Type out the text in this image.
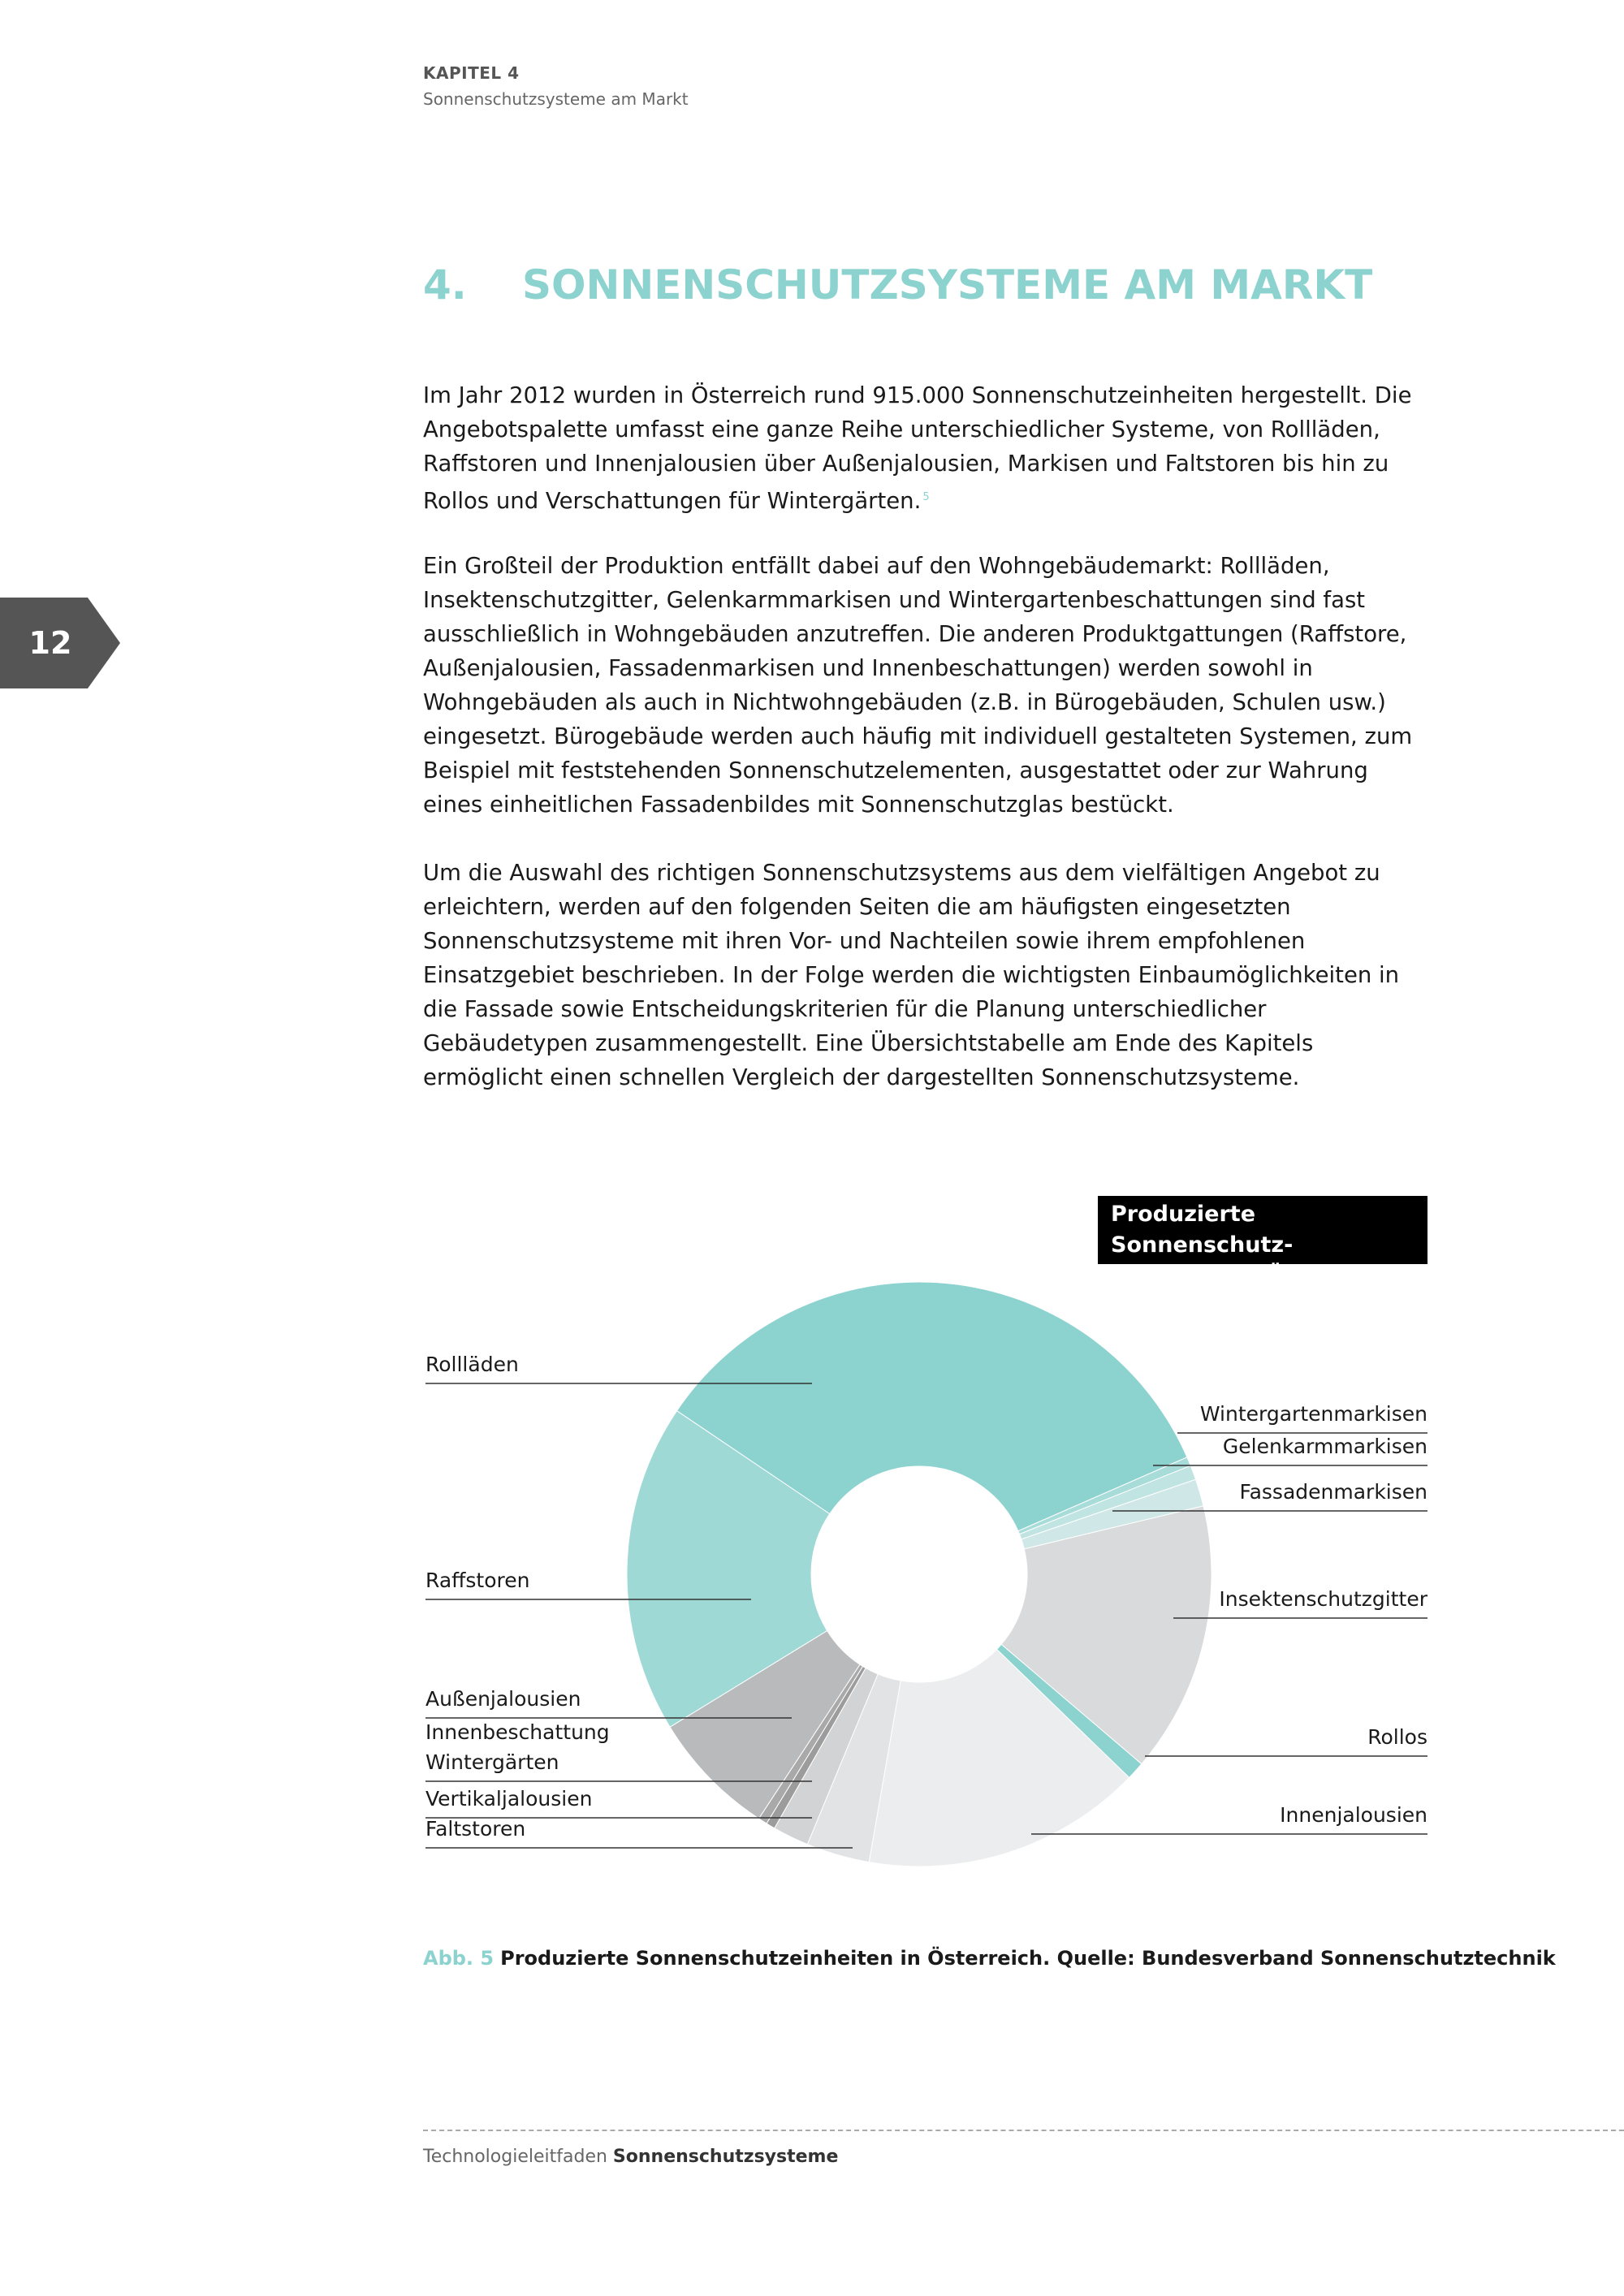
KAPITEL 4
Sonnenschutzsysteme am Markt
4. SONNENSCHUTZSYSTEME AM MARKT

Im Jahr 2012 wurden in Österreich rund 915.000 Sonnenschutzeinheiten hergestellt. Die Angebotspalette umfasst eine ganze Reihe unterschiedlicher Systeme, von Rollläden, Raffstoren und Innenjalousien über Außenjalousien, Markisen und Faltstoren bis hin zu Rollos und Verschattungen für Wintergärten. $^5$

Ein Großteil der Produktion entfällt dabei auf den Wohngebäudemarkt: Rollläden, Insektenschutzgitter, Gelenkarmmarkisen und Wintergartenbeschattungen sind fast ausschließlich in Wohngebäuden anzutreffen. Die anderen Produktgattungen (Raffstore, Außenjalousien, Fassadenmarkisen und Innenbeschattungen) werden sowohl in Wohngebäuden als auch in Nichtwohngebäuden (z.B. in Bürogebäuden, Schulen usw.) eingesetzt. Bürogebäude werden auch häufig mit individuell gestalteten Systemen, zum Beispiel mit feststehenden Sonnenschutzelementen, ausgestattet oder zur Wahrung eines einheitlichen Fassadenbildes mit Sonnenschutzglas bestückt.

Um die Auswahl des richtigen Sonnenschutzsystems aus dem vielfältigen Angebot zu erleichtern, werden auf den folgenden Seiten die am häufigsten eingesetzten Sonnenschutzsysteme mit ihren Vor- und Nachteilen sowie ihrem empfohlenen Einsatzgebiet beschrieben. In der Folge werden die wichtigsten Einbaumöglichkeiten in die Fassade sowie Entscheidungskriterien für die Planung unterschiedlicher Gebäudetypen zusammengestellt. Eine Übersichtstabelle am Ende des Kapitels ermöglicht einen schnellen Vergleich der dargestellten Sonnenschutzsysteme.

12
Produzierte Sonnenschutz-
einheiten in Österreich
Rollläden
Wintergartenmarkisen
Gelenkarmmarkisen
Fassadenmarkisen
Insektenschutzgitter
Rollos
Innenjalousien
Faltstoren
Vertikaljalousien
Wintergärten
Innenbeschattung
Außenjalousien
Raffstoren
Abb. 5 Produzierte Sonnenschutzeinheiten in Österreich. Quelle: Bundesverband Sonnenschutztechnik
Technologieleitfaden Sonnenschutzsysteme
